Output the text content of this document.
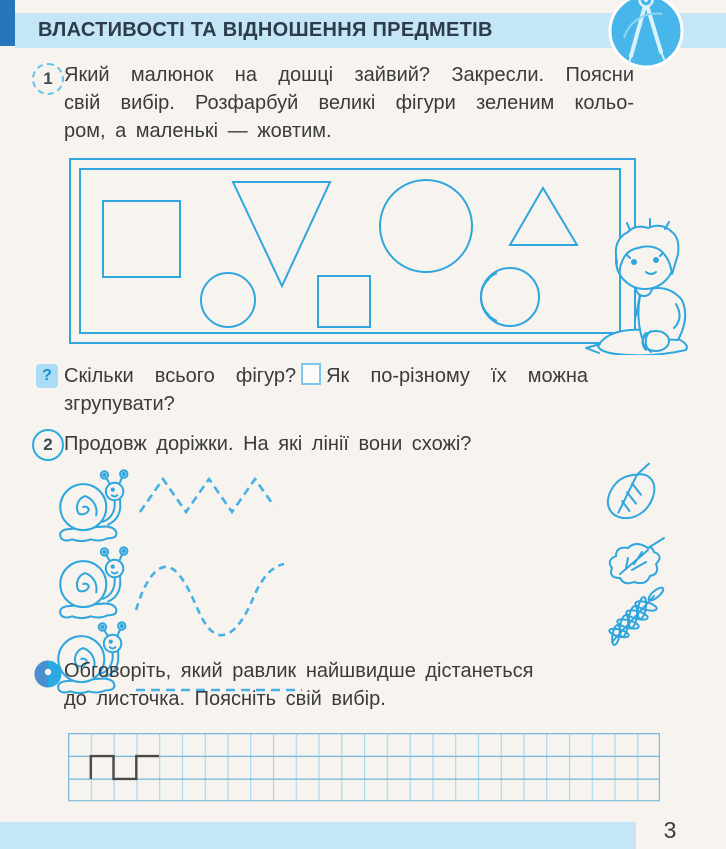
ВЛАСТИВОСТІ ТА ВІДНОШЕННЯ ПРЕДМЕТІВ
1 Який малюнок на дошці зайвий? Закресли. Поясни
свій вибір. Розфарбуй великі фігури зеленим кольо-
ром, а маленькі — жовтим.
? Скільки всього фігур? Як по-різному їх можна
згрупувати?
2 Продовж доріжки. На які лінії вони схожі?
Обговоріть, який равлик найшвидше дістанеться
до листочка. Поясніть свій вибір.
3
